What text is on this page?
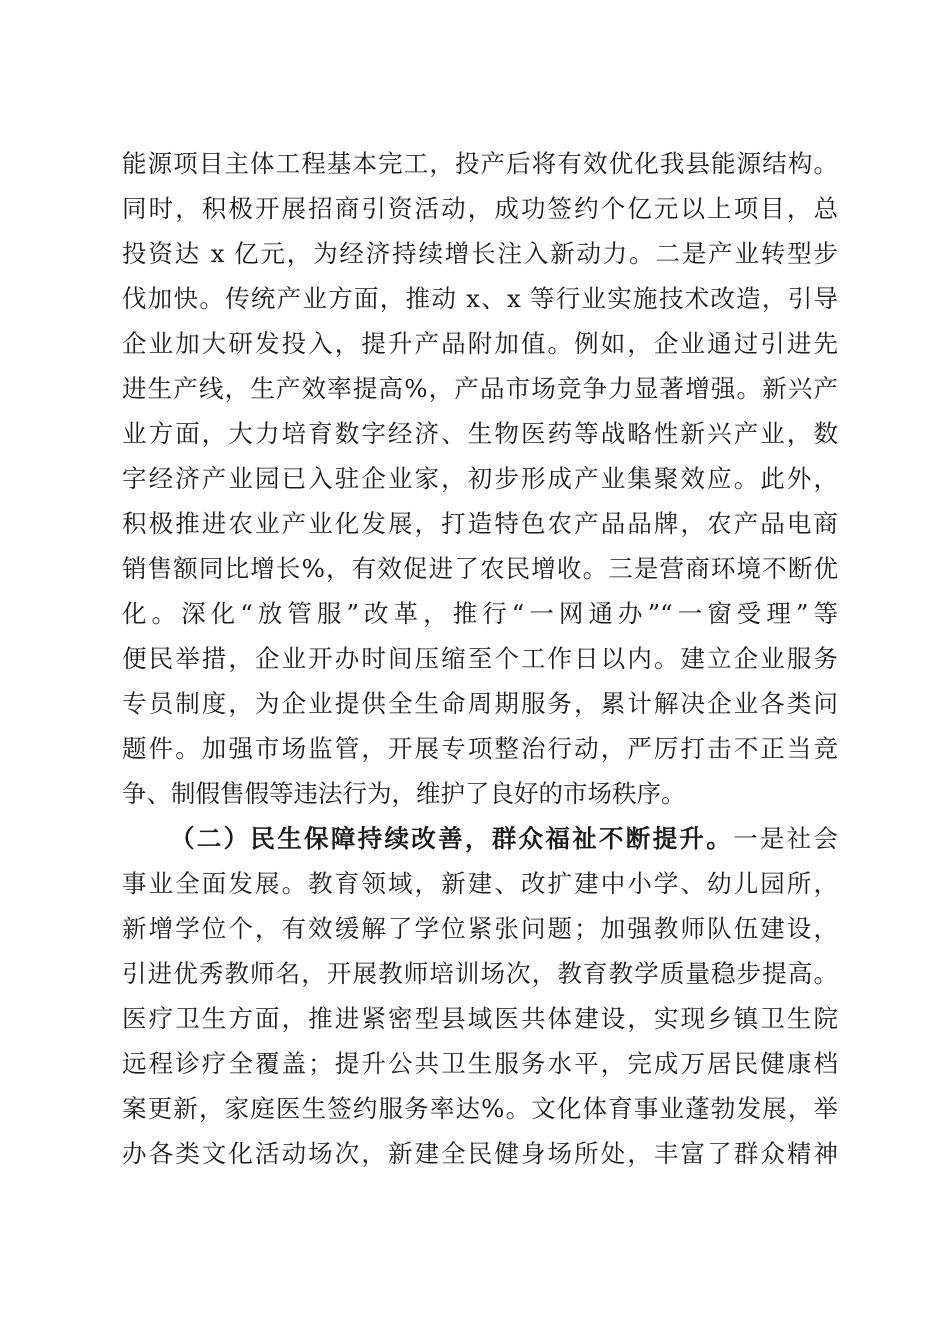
能源项目主体工程基本完工，投产后将有效优化我县能源结构。
同时，积极开展招商引资活动，成功签约个亿元以上项目，总
投资达 x 亿元，为经济持续增长注入新动力。二是产业转型步
伐加快。传统产业方面，推动 x、x 等行业实施技术改造，引导
企业加大研发投入，提升产品附加值。例如，企业通过引进先
进生产线，生产效率提高%，产品市场竞争力显著增强。新兴产
业方面，大力培育数字经济、生物医药等战略性新兴产业，数
字经济产业园已入驻企业家，初步形成产业集聚效应。此外，
积极推进农业产业化发展，打造特色农产品品牌，农产品电商
销售额同比增长%，有效促进了农民增收。三是营商环境不断优
化。深化“放管服”改革，推行“一网通办”“一窗受理”等
便民举措，企业开办时间压缩至个工作日以内。建立企业服务
专员制度，为企业提供全生命周期服务，累计解决企业各类问
题件。加强市场监管，开展专项整治行动，严厉打击不正当竞
争、制假售假等违法行为，维护了良好的市场秩序。
（二）民生保障持续改善，群众福祉不断提升。一是社会
事业全面发展。教育领域，新建、改扩建中小学、幼儿园所，
新增学位个，有效缓解了学位紧张问题；加强教师队伍建设，
引进优秀教师名，开展教师培训场次，教育教学质量稳步提高。
医疗卫生方面，推进紧密型县域医共体建设，实现乡镇卫生院
远程诊疗全覆盖；提升公共卫生服务水平，完成万居民健康档
案更新，家庭医生签约服务率达%。文化体育事业蓬勃发展，举
办各类文化活动场次，新建全民健身场所处，丰富了群众精神
